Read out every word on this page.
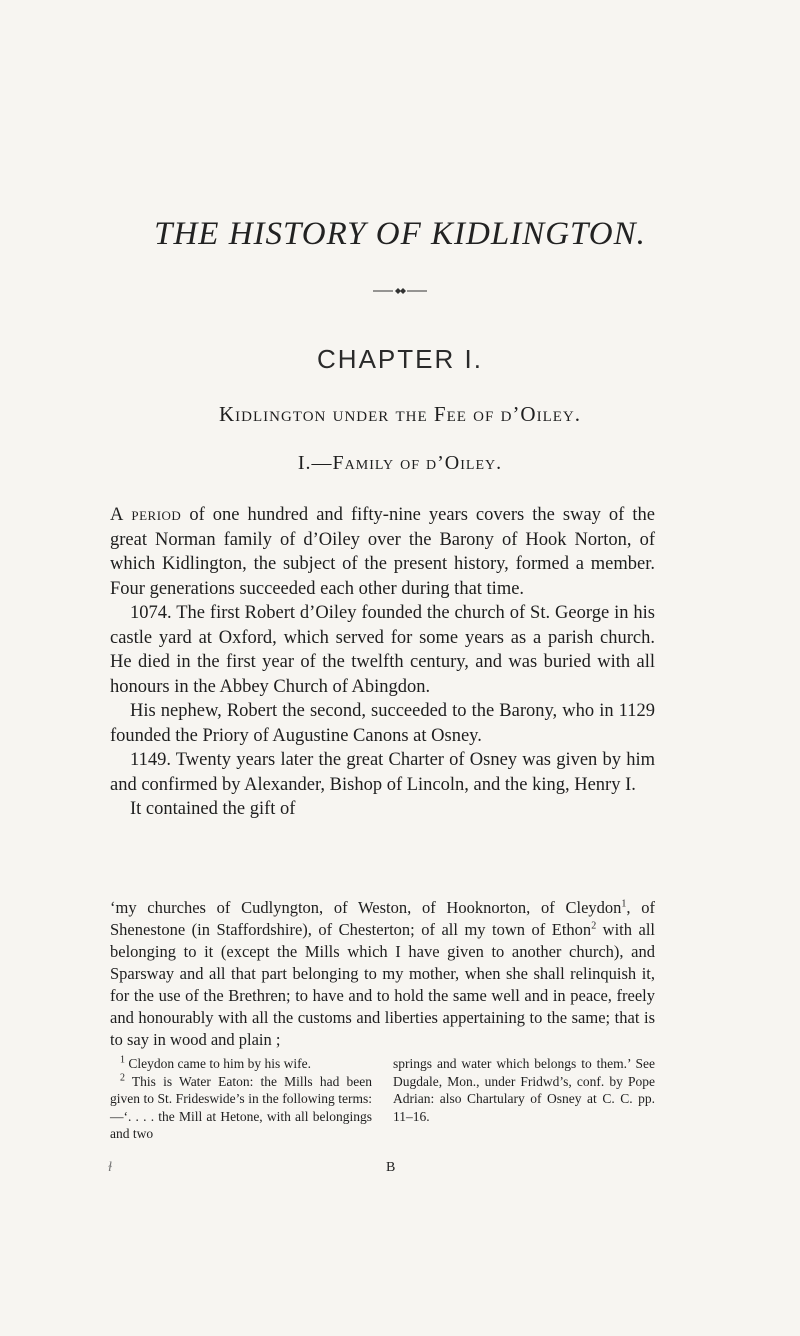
THE HISTORY OF KIDLINGTON.
CHAPTER I.
Kidlington under the Fee of d’Oiley.
I.—Family of d’Oiley.

A period of one hundred and fifty-nine years covers the sway of the great Norman family of d’Oiley over the Barony of Hook Norton, of which Kidlington, the subject of the present history, formed a member. Four generations succeeded each other during that time.

1074. The first Robert d’Oiley founded the church of St. George in his castle yard at Oxford, which served for some years as a parish church. He died in the first year of the twelfth century, and was buried with all honours in the Abbey Church of Abingdon.

His nephew, Robert the second, succeeded to the Barony, who in 1129 founded the Priory of Augustine Canons at Osney.

1149. Twenty years later the great Charter of Osney was given by him and confirmed by Alexander, Bishop of Lincoln, and the king, Henry I.

It contained the gift of

‘my churches of Cudlyngton, of Weston, of Hooknorton, of Cleydon$^1$, of Shenestone (in Staffordshire), of Chesterton; of all my town of Ethon$^2$ with all belonging to it (except the Mills which I have given to another church), and Sparsway and all that part belonging to my mother, when she shall relinquish it, for the use of the Brethren; to have and to hold the same well and in peace, freely and honourably with all the customs and liberties appertaining to the same; that is to say in wood and plain ;

$^1$ Cleydon came to him by his wife.

$^2$ This is Water Eaton: the Mills had been given to St. Frideswide’s in the following terms:—‘. . . . the Mill at Hetone, with all belongings and two

springs and water which belongs to them.’ See Dugdale, Mon., under Fridwd’s, conf. by Pope Adrian: also Chartulary of Osney at C. C. pp. 11–16.

ɫ	B
